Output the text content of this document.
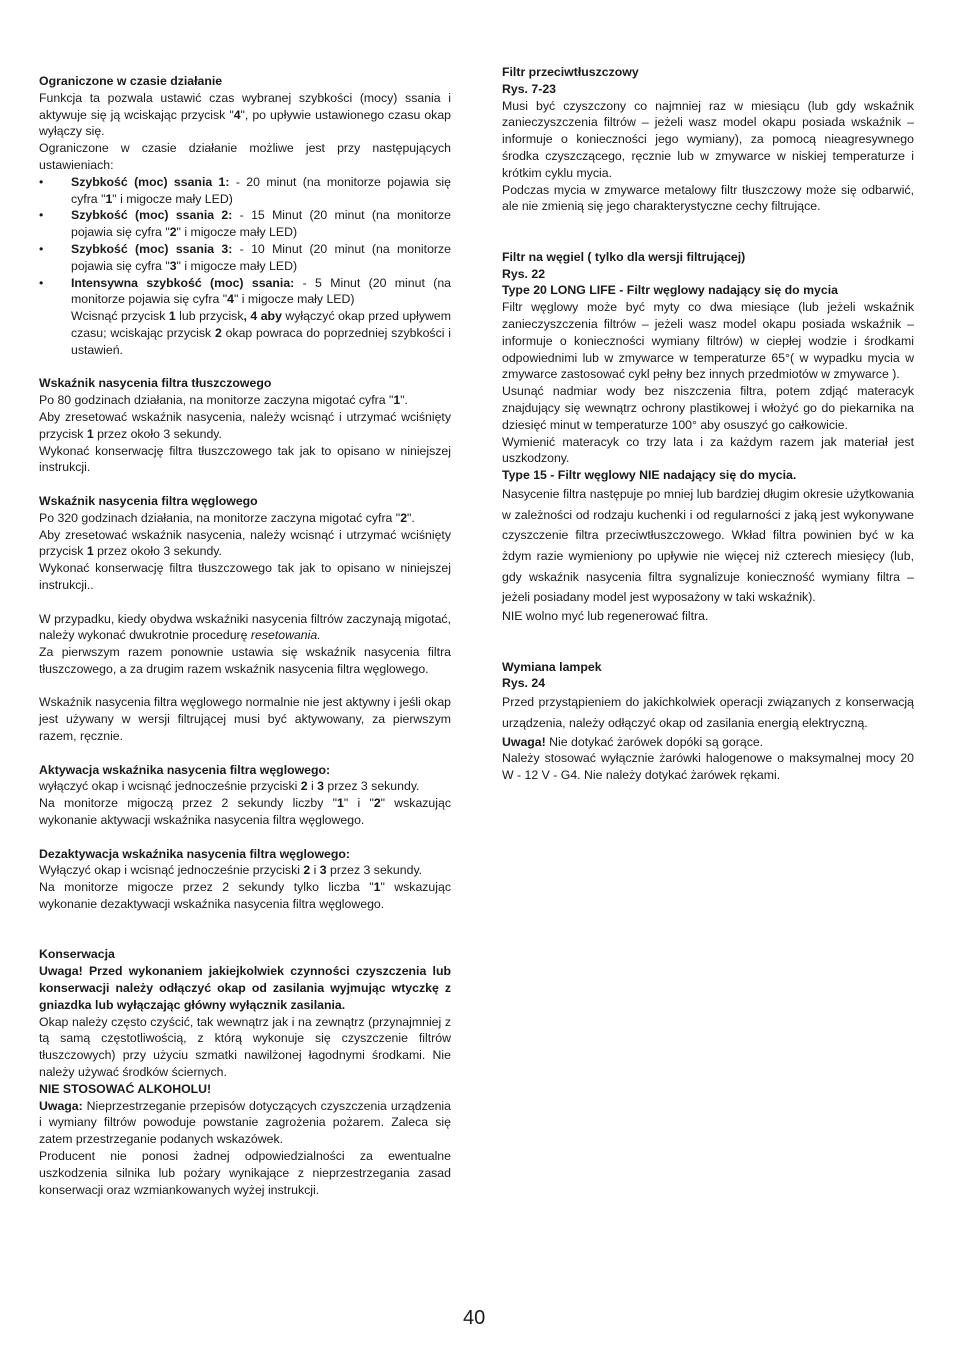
Ograniczone w czasie działanie

Funkcja ta pozwala ustawić czas wybranej szybkości (mocy) ssania i aktywuje się ją wciskając przycisk "4", po upływie ustawionego czasu okap wyłączy się.

Ograniczone w czasie działanie możliwe jest przy następujących ustawieniach:

• Szybkość (moc) ssania 1: - 20 minut (na monitorze pojawia się cyfra "1" i migocze mały LED)

• Szybkość (moc) ssania 2: - 15 Minut (20 minut (na monitorze pojawia się cyfra "2" i migocze mały LED)

• Szybkość (moc) ssania 3: - 10 Minut (20 minut (na monitorze pojawia się cyfra "3" i migocze mały LED)

• Intensywna szybkość (moc) ssania: - 5 Minut (20 minut (na monitorze pojawia się cyfra "4" i migocze mały LED)

Wcisnąć przycisk 1 lub przycisk, 4 aby wyłączyć okap przed upływem czasu; wciskając przycisk 2 okap powraca do poprzedniej szybkości i ustawień.

Wskaźnik nasycenia filtra tłuszczowego

Po 80 godzinach działania, na monitorze zaczyna migotać cyfra "1".

Aby zresetować wskaźnik nasycenia, należy wcisnąć i utrzymać wciśnięty przycisk 1 przez około 3 sekundy.

Wykonać konserwację filtra tłuszczowego tak jak to opisano w niniejszej instrukcji.

Wskaźnik nasycenia filtra węglowego

Po 320 godzinach działania, na monitorze zaczyna migotać cyfra "2".

Aby zresetować wskaźnik nasycenia, należy wcisnąć i utrzymać wciśnięty przycisk 1 przez około 3 sekundy.

Wykonać konserwację filtra tłuszczowego tak jak to opisano w niniejszej instrukcji..

W przypadku, kiedy obydwa wskaźniki nasycenia filtrów zaczynają migotać, należy wykonać dwukrotnie procedurę resetowania.

Za pierwszym razem ponownie ustawia się wskaźnik nasycenia filtra tłuszczowego, a za drugim razem wskaźnik nasycenia filtra węglowego.

Wskaźnik nasycenia filtra węglowego normalnie nie jest aktywny i jeśli okap jest używany w wersji filtrującej musi być aktywowany, za pierwszym razem, ręcznie.

Aktywacja wskaźnika nasycenia filtra węglowego:

wyłączyć okap i wcisnąć jednocześnie przyciski 2 i 3 przez 3 sekundy.

Na monitorze migoczą przez 2 sekundy liczby "1" i "2" wskazując wykonanie aktywacji wskaźnika nasycenia filtra węglowego.

Dezaktywacja wskaźnika nasycenia filtra węglowego:

Wyłączyć okap i wcisnąć jednocześnie przyciski 2 i 3 przez 3 sekundy.

Na monitorze migocze przez 2 sekundy tylko liczba "1" wskazując wykonanie dezaktywacji wskaźnika nasycenia filtra węglowego.

Konserwacja

Uwaga! Przed wykonaniem jakiejkolwiek czynności czyszczenia lub konserwacji należy odłączyć okap od zasilania wyjmując wtyczkę z gniazdka lub wyłączając główny wyłącznik zasilania.

Okap należy często czyścić, tak wewnątrz jak i na zewnątrz (przynajmniej z tą samą częstotliwością, z którą wykonuje się czyszczenie filtrów tłuszczowych) przy użyciu szmatki nawilżonej łagodnymi środkami. Nie należy używać środków ściernych.

NIE STOSOWAĆ ALKOHOLU!

Uwaga: Nieprzestrzeganie przepisów dotyczących czyszczenia urządzenia i wymiany filtrów powoduje powstanie zagrożenia pożarem. Zaleca się zatem przestrzeganie podanych wskazówek.

Producent nie ponosi żadnej odpowiedzialności za ewentualne uszkodzenia silnika lub pożary wynikające z nieprzestrzegania zasad konserwacji oraz wzmiankowanych wyżej instrukcji.

Filtr przeciwtłuszczowy

Rys. 7-23

Musi być czyszczony co najmniej raz w miesiącu (lub gdy wskaźnik zanieczyszczenia filtrów – jeżeli wasz model okapu posiada wskaźnik – informuje o konieczności jego wymiany), za pomocą nieagresywnego środka czyszczącego, ręcznie lub w zmywarce w niskiej temperaturze i krótkim cyklu mycia.

Podczas mycia w zmywarce metalowy filtr tłuszczowy może się odbarwić, ale nie zmienią się jego charakterystyczne cechy filtrujące.

Filtr na węgiel ( tylko dla wersji filtrującej)

Rys. 22

Type 20 LONG LIFE - Filtr węglowy nadający się do mycia

Filtr węglowy może być myty co dwa miesiące (lub jeżeli wskaźnik zanieczyszczenia filtrów – jeżeli wasz model okapu posiada wskaźnik – informuje o konieczności wymiany filtrów) w ciepłej wodzie i środkami odpowiednimi lub w zmywarce w temperaturze 65°( w wypadku mycia w zmywarce zastosować cykl pełny bez innych przedmiotów w zmywarce ).

Usunąć nadmiar wody bez niszczenia filtra, potem zdjąć materacyk znajdujący się wewnątrz ochrony plastikowej i włożyć go do piekarnika na dziesięć minut w temperaturze 100° aby osuszyć go całkowicie.

Wymienić materacyk co trzy lata i za każdym razem jak materiał jest uszkodzony.

Type 15 - Filtr węglowy NIE nadający się do mycia.

Nasycenie filtra następuje po mniej lub bardziej długim okresie użytkowania w zależności od rodzaju kuchenki i od regularności z jaką jest wykonywane czyszczenie filtra przeciwtłuszczowego. Wkład filtra powinien być w ka żdym razie wymieniony po upływie nie więcej niż czterech miesięcy (lub, gdy wskaźnik nasycenia filtra sygnalizuje konieczność wymiany filtra – jeżeli posiadany model jest wyposażony w taki wskaźnik).

NIE wolno myć lub regenerować filtra.

Wymiana lampek

Rys. 24

Przed przystąpieniem do jakichkolwiek operacji związanych z konserwacją urządzenia, należy odłączyć okap od zasilania energią elektryczną.

Uwaga! Nie dotykać żarówek dopóki są gorące.

Należy stosować wyłącznie żarówki halogenowe o maksymalnej mocy 20 W - 12 V - G4. Nie należy dotykać żarówek rękami.

40
